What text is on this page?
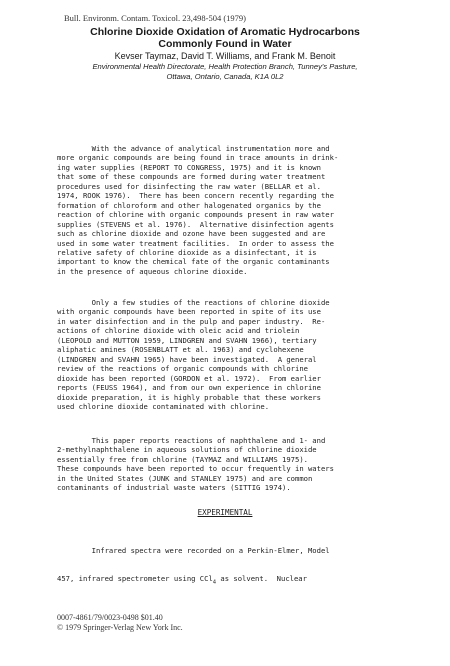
Bull. Environm. Contam. Toxicol. 23,498-504 (1979)
Chlorine Dioxide Oxidation of Aromatic Hydrocarbons
Commonly Found in Water
Kevser Taymaz, David T. Williams, and Frank M. Benoit
Environmental Health Directorate, Health Protection Branch, Tunney's Pasture,
Ottawa, Ontario, Canada, K1A 0L2
With the advance of analytical instrumentation more and
more organic compounds are being found in trace amounts in drink-
ing water supplies (REPORT TO CONGRESS, 1975) and it is known
that some of these compounds are formed during water treatment
procedures used for disinfecting the raw water (BELLAR et al.
1974, ROOK 1976).  There has been concern recently regarding the
formation of chloroform and other halogenated organics by the
reaction of chlorine with organic compounds present in raw water
supplies (STEVENS et al. 1976).  Alternative disinfection agents
such as chlorine dioxide and ozone have been suggested and are
used in some water treatment facilities.  In order to assess the
relative safety of chlorine dioxide as a disinfectant, it is
important to know the chemical fate of the organic contaminants
in the presence of aqueous chlorine dioxide.
Only a few studies of the reactions of chlorine dioxide
with organic compounds have been reported in spite of its use
in water disinfection and in the pulp and paper industry.  Re-
actions of chlorine dioxide with oleic acid and triolein
(LEOPOLD and MUTTON 1959, LINDGREN and SVAHN 1966), tertiary
aliphatic amines (ROSENBLATT et al. 1963) and cyclohexene
(LINDGREN and SVAHN 1965) have been investigated.  A general
review of the reactions of organic compounds with chlorine
dioxide has been reported (GORDON et al. 1972).  From earlier
reports (FEUSS 1964), and from our own experience in chlorine
dioxide preparation, it is highly probable that these workers
used chlorine dioxide contaminated with chlorine.
This paper reports reactions of naphthalene and 1- and
2-methylnaphthalene in aqueous solutions of chlorine dioxide
essentially free from chlorine (TAYMAZ and WILLIAMS 1975).
These compounds have been reported to occur frequently in waters
in the United States (JUNK and STANLEY 1975) and are common
contaminants of industrial waste waters (SITTIG 1974).
EXPERIMENTAL

Infrared spectra were recorded on a Perkin-Elmer, Model

457, infrared spectrometer using CCl$_4$ as solvent.  Nuclear

0007-4861/79/0023-0498 $01.40
© 1979 Springer-Verlag New York Inc.
